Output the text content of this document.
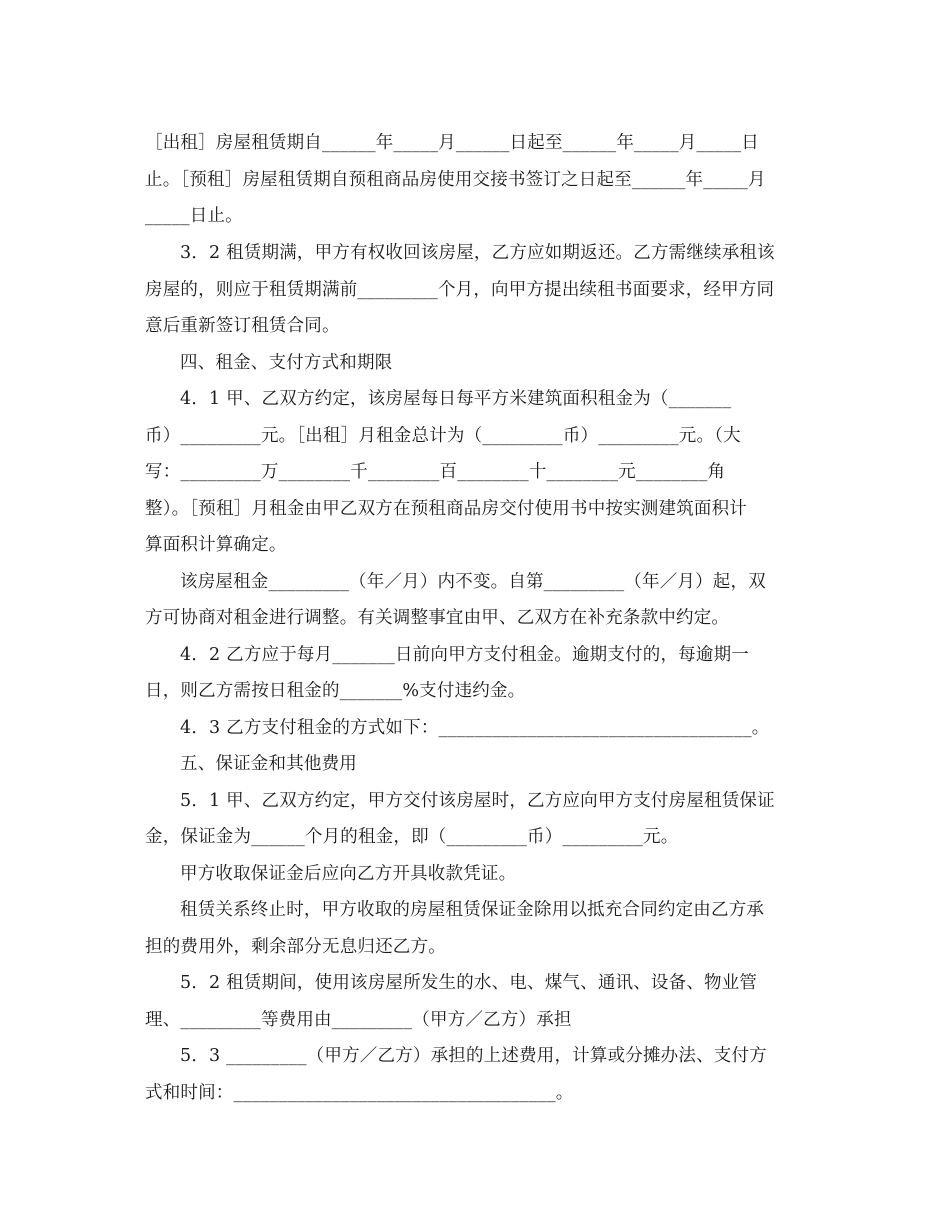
［出租］房屋租赁期自______年_____月______日起至______年_____月_____日
止。［预租］房屋租赁期自预租商品房使用交接书签订之日起至______年_____月
_____日止。
3．2 租赁期满，甲方有权收回该房屋，乙方应如期返还。乙方需继续承租该
房屋的，则应于租赁期满前_________个月，向甲方提出续租书面要求，经甲方同
意后重新签订租赁合同。
四、租金、支付方式和期限
4．1 甲、乙双方约定，该房屋每日每平方米建筑面积租金为（_______
币）_________元。［出租］月租金总计为（_________币）_________元。（大
写：_________万________千________百________十________元________角
整）。［预租］月租金由甲乙双方在预租商品房交付使用书中按实测建筑面积计
算面积计算确定。
该房屋租金_________（年／月）内不变。自第_________（年／月）起，双
方可协商对租金进行调整。有关调整事宜由甲、乙双方在补充条款中约定。
4．2 乙方应于每月_______日前向甲方支付租金。逾期支付的，每逾期一
日，则乙方需按日租金的_______%支付违约金。
4．3 乙方支付租金的方式如下：___________________________________。
五、保证金和其他费用
5．1 甲、乙双方约定，甲方交付该房屋时，乙方应向甲方支付房屋租赁保证
金，保证金为______个月的租金，即（_________币）_________元。
甲方收取保证金后应向乙方开具收款凭证。
租赁关系终止时，甲方收取的房屋租赁保证金除用以抵充合同约定由乙方承
担的费用外，剩余部分无息归还乙方。
5．2 租赁期间，使用该房屋所发生的水、电、煤气、通讯、设备、物业管
理、_________等费用由_________（甲方／乙方）承担
5．3 _________（甲方／乙方）承担的上述费用，计算或分摊办法、支付方
式和时间：____________________________________。
